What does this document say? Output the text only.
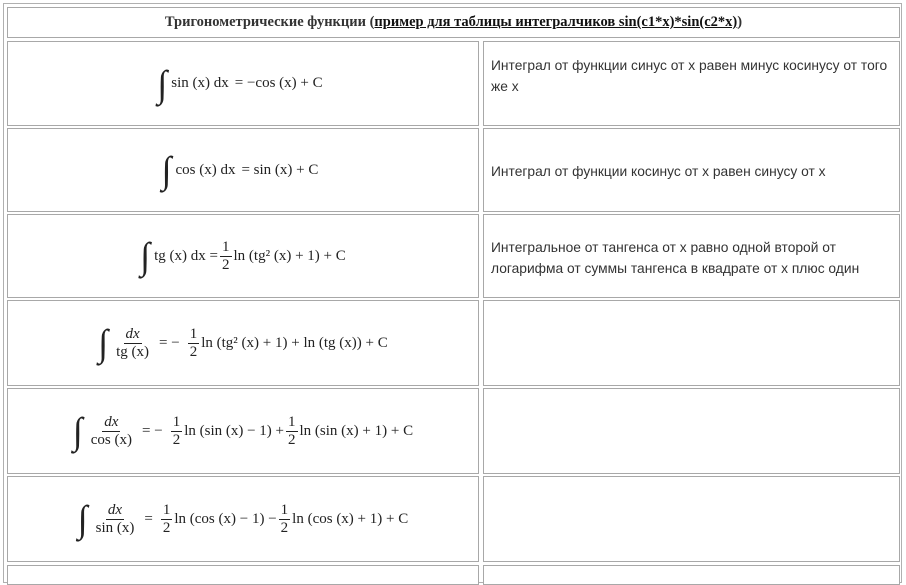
Тригонометрические функции ( пример для таблицы интегралчиков sin(c1*x)*sin(c2*x) )
∫ sin (x) dx = −cos (x) + C
Интеграл от функции синус от x равен минус косинусу от того же x
∫ cos (x) dx = sin (x) + C	Интеграл от функции косинус от x равен синусу от x
∫ tg (x) dx = $\frac{1}{2}$ ln (tg² (x) + 1) + C	Интегральное от тангенса от x равно одной второй от логарифма от суммы тангенса в квадрате от x плюс один
∫ $\frac{dx}{tg (x)}$ = − $\frac{1}{2}$ ln (tg² (x) + 1) + ln (tg (x)) + C
∫ $\frac{dx}{\cos (x)}$ = − $\frac{1}{2}$ ln (sin $(x) - 1) + \frac{1}{2}$ ln (sin (x) + 1) + C
∫ $\frac{dx}{\sin (x)} = \frac{1}{2}$ ln (cos $(x) - 1) - \frac{1}{2}$ ln (cos (x) + 1) + C
